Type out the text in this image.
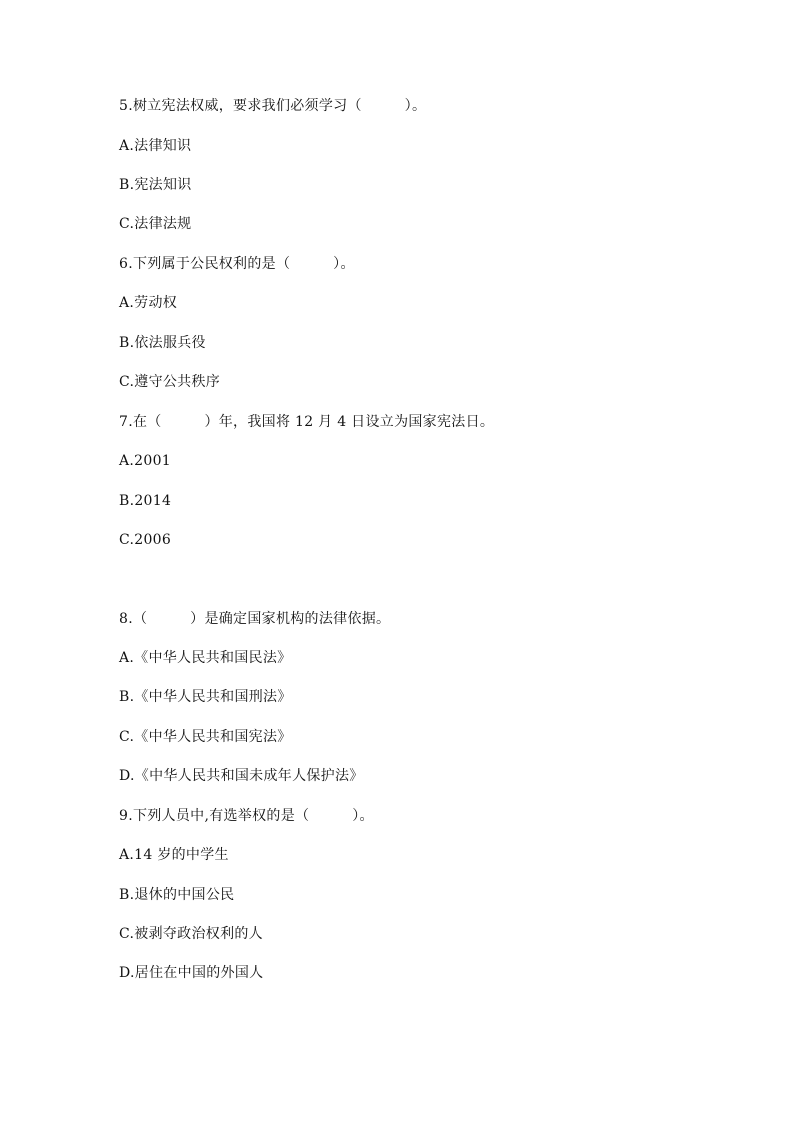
5.树立宪法权威，要求我们必须学习（　　　）。
A.法律知识
B.宪法知识
C.法律法规
6.下列属于公民权利的是（　　　）。
A.劳动权
B.依法服兵役
C.遵守公共秩序
7.在（　　　）年，我国将 12 月 4 日设立为国家宪法日。
A.2001
B.2014
C.2006
8.（　　　）是确定国家机构的法律依据。
A.《中华人民共和国民法》
B.《中华人民共和国刑法》
C.《中华人民共和国宪法》
D.《中华人民共和国未成年人保护法》
9.下列人员中,有选举权的是（　　　）。
A.14 岁的中学生
B.退休的中国公民
C.被剥夺政治权利的人
D.居住在中国的外国人
